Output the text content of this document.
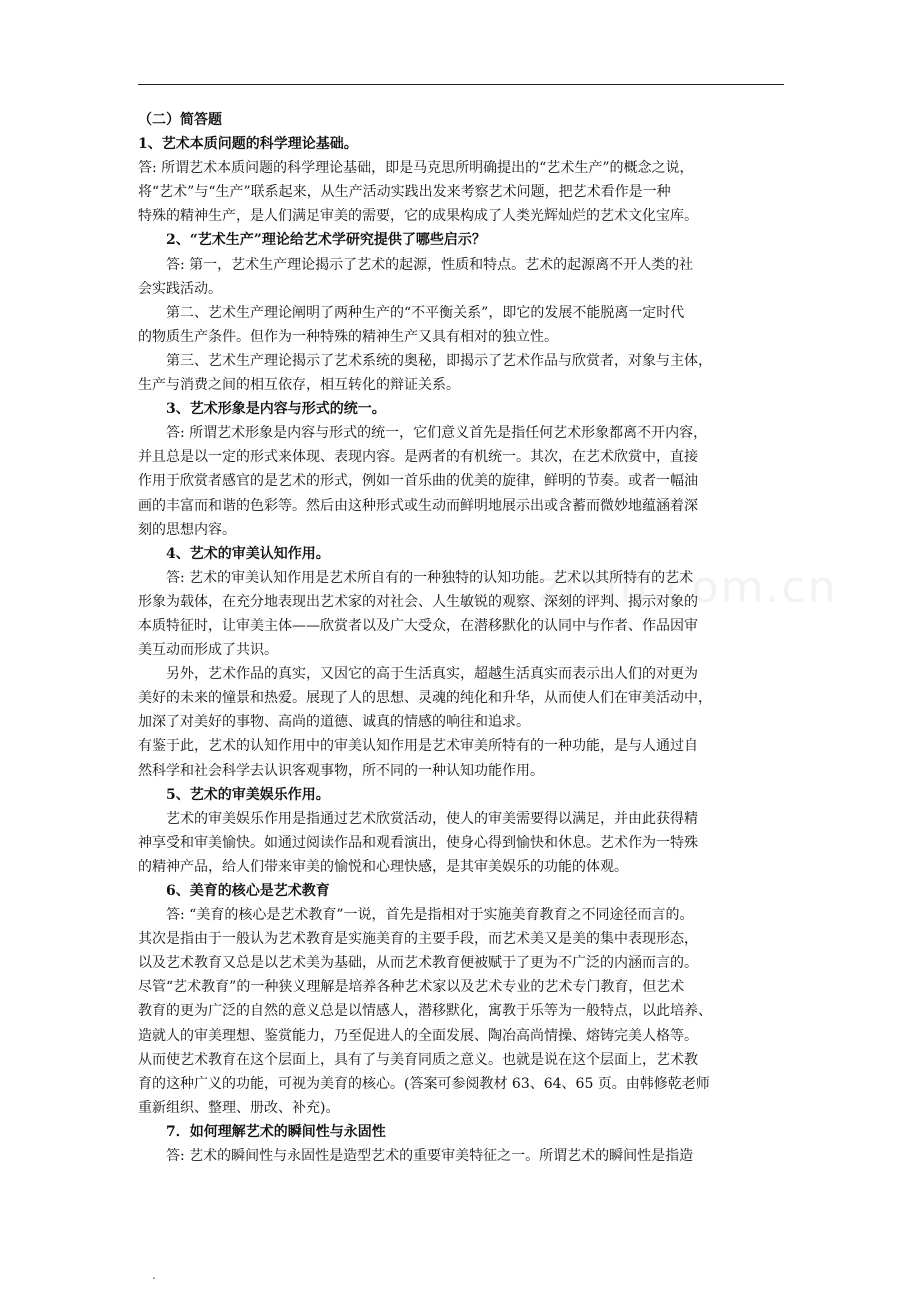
zixin.com.cn
（二）简答题
1、艺术本质问题的科学理论基础。
答: 所谓艺术本质问题的科学理论基础，即是马克思所明确提出的“艺术生产”的概念之说，
将“艺术”与“生产”联系起来，从生产活动实践出发来考察艺术问题，把艺术看作是一种
特殊的精神生产，是人们满足审美的需要，它的成果构成了人类光辉灿烂的艺术文化宝库。
2、“艺术生产”理论给艺术学研究提供了哪些启示？
答: 第一，艺术生产理论揭示了艺术的起源，性质和特点。艺术的起源离不开人类的社
会实践活动。
第二、艺术生产理论阐明了两种生产的“不平衡关系”，即它的发展不能脱离一定时代
的物质生产条件。但作为一种特殊的精神生产又具有相对的独立性。
第三、艺术生产理论揭示了艺术系统的奥秘，即揭示了艺术作品与欣赏者，对象与主体，
生产与消费之间的相互依存，相互转化的辩证关系。
3、艺术形象是内容与形式的统一。
答: 所谓艺术形象是内容与形式的统一，它们意义首先是指任何艺术形象都离不开内容，
并且总是以一定的形式来体现、表现内容。是两者的有机统一。其次，在艺术欣赏中，直接
作用于欣赏者感官的是艺术的形式，例如一首乐曲的优美的旋律，鲜明的节奏。或者一幅油
画的丰富而和谐的色彩等。然后由这种形式或生动而鲜明地展示出或含蓄而微妙地蕴涵着深
刻的思想内容。
4、艺术的审美认知作用。
答: 艺术的审美认知作用是艺术所自有的一种独特的认知功能。艺术以其所特有的艺术
形象为载体，在充分地表现出艺术家的对社会、人生敏锐的观察、深刻的评判、揭示对象的
本质特征时，让审美主体——欣赏者以及广大受众，在潜移默化的认同中与作者、作品因审
美互动而形成了共识。
另外，艺术作品的真实，又因它的高于生活真实，超越生活真实而表示出人们的对更为
美好的未来的憧景和热爱。展现了人的思想、灵魂的纯化和升华，从而使人们在审美活动中，
加深了对美好的事物、高尚的道德、诚真的情感的响往和追求。
有鉴于此，艺术的认知作用中的审美认知作用是艺术审美所特有的一种功能，是与人通过自
然科学和社会科学去认识客观事物，所不同的一种认知功能作用。
5、艺术的审美娱乐作用。
艺术的审美娱乐作用是指通过艺术欣赏活动，使人的审美需要得以满足，并由此获得精
神享受和审美愉快。如通过阅读作品和观看演出，使身心得到愉快和休息。艺术作为一特殊
的精神产品，给人们带来审美的愉悦和心理快感，是其审美娱乐的功能的体观。
6、美育的核心是艺术教育
答: “美育的核心是艺术教育”一说，首先是指相对于实施美育教育之不同途径而言的。
其次是指由于一般认为艺术教育是实施美育的主要手段，而艺术美又是美的集中表现形态，
以及艺术教育又总是以艺术美为基础，从而艺术教育便被赋于了更为不广泛的内涵而言的。
尽管“艺术教育”的一种狭义理解是培养各种艺术家以及艺术专业的艺术专门教育，但艺术
教育的更为广泛的自然的意义总是以情感人，潜移默化，寓教于乐等为一般特点，以此培养、
造就人的审美理想、鉴赏能力，乃至促进人的全面发展、陶冶高尚情操、熔铸完美人格等。
从而使艺术教育在这个层面上，具有了与美育同质之意义。也就是说在这个层面上，艺术教
育的这种广义的功能，可视为美育的核心。(答案可参阅教材 63、64、65 页。由韩修乾老师
重新组织、整理、册改、补充)。
7．如何理解艺术的瞬间性与永固性
答: 艺术的瞬间性与永固性是造型艺术的重要审美特征之一。所谓艺术的瞬间性是指造
.
